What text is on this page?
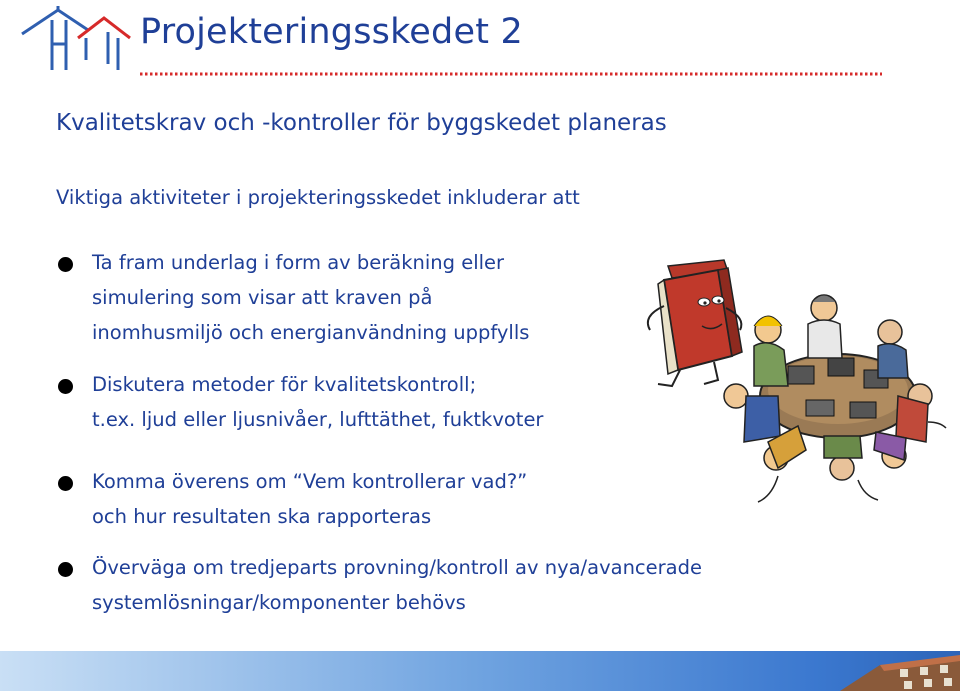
Projekteringsskedet 2
Kvalitetskrav och -kontroller för byggskedet planeras
Viktiga aktiviteter i projekteringsskedet inkluderar att
Ta fram underlag i form av beräkning eller
simulering som visar att kraven på
inomhusmiljö och energianvändning uppfylls
Diskutera metoder för kvalitetskontroll;
t.ex. ljud eller ljusnivåer, lufttäthet, fuktkvoter
Komma överens om “Vem kontrollerar vad?”
och hur resultaten ska rapporteras
Överväga om tredjeparts provning/kontroll av nya/avancerade
systemlösningar/komponenter behövs
